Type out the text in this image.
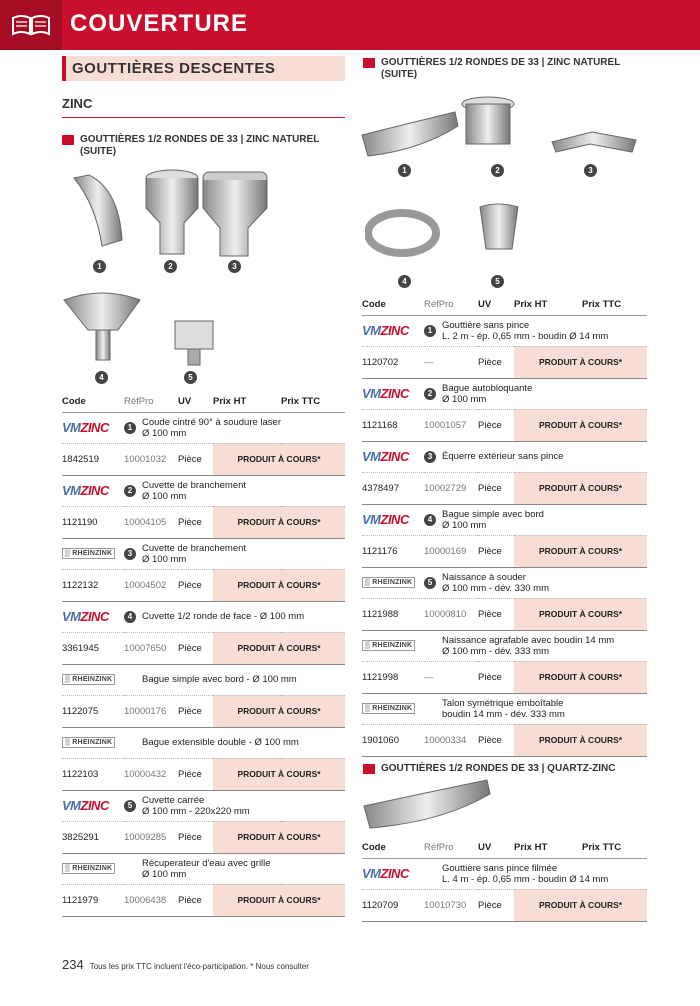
COUVERTURE
GOUTTIÈRES DESCENTES
ZINC
GOUTTIÈRES 1/2 RONDES DE 33 | ZINC NATUREL
(SUITE)
1	2	3
4	5
Code	RéfPro	UV	Prix HT	Prix TTC

VMZINC 1 Coude cintré 90° à soudure laser
Ø 100 mm				

1842519	10001032	Pièce	PRODUIT À COURS*	

VMZINC 2 Cuvette de branchement
Ø 100 mm				

1121190	10004105	Pièce	PRODUIT À COURS*	

▒ RHEINZINK 3 Cuvette de branchement
Ø 100 mm				

1122132	10004502	Pièce	PRODUIT À COURS*	

VMZINC 4 Cuvette 1/2 ronde de face - Ø 100 mm				

3361945	10007650	Pièce	PRODUIT À COURS*	

▒ RHEINZINK Bague simple avec bord - Ø 100 mm				

1122075	10000176	Pièce	PRODUIT À COURS*	

▒ RHEINZINK Bague extensible double - Ø 100 mm				

1122103	10000432	Pièce	PRODUIT À COURS*	

VMZINC 5 Cuvette carrée
Ø 100 mm - 220x220 mm				

3825291	10009285	Pièce	PRODUIT À COURS*	

▒ RHEINZINK Récuperateur d'eau avec grille
Ø 100 mm				

1121979	10006438	Pièce	PRODUIT À COURS*	
GOUTTIÈRES 1/2 RONDES DE 33 | ZINC NATUREL
(SUITE)
1	2	3
4	5
Code	RéfPro	UV	Prix HT	Prix TTC

VMZINC 1 Gouttière sans pince
L. 2 m - ép. 0,65 mm - boudin Ø 14 mm				

1120702	—	Pièce	PRODUIT À COURS*	

VMZINC 2 Bague autobloquante
Ø 100 mm				

1121168	10001057	Pièce	PRODUIT À COURS*	

VMZINC 3 Équerre extérieur sans pince				

4378497	10002729	Pièce	PRODUIT À COURS*	

VMZINC 4 Bague simple avec bord
Ø 100 mm				

1121176	10000169	Pièce	PRODUIT À COURS*	

▒ RHEINZINK 5 Naissance à souder
Ø 100 mm - dév. 330 mm				

1121988	10000810	Pièce	PRODUIT À COURS*	

▒ RHEINZINK Naissance agrafable avec boudin 14 mm
Ø 100 mm - dév. 333 mm				

1121998	—	Pièce	PRODUIT À COURS*	

▒ RHEINZINK Talon symétrique emboîtable
boudin 14 mm - dév. 333 mm				

1901060	10000334	Pièce	PRODUIT À COURS*	
GOUTTIÈRES 1/2 RONDES DE 33 | QUARTZ-ZINC
Code	RéfPro	UV	Prix HT	Prix TTC

VMZINC Gouttière sans pince filmée
L. 4 m - ép. 0,65 mm - boudin Ø 14 mm				

1120709	10010730	Pièce	PRODUIT À COURS*	
234 Tous les prix TTC incluent l'éco-participation. * Nous consulter
